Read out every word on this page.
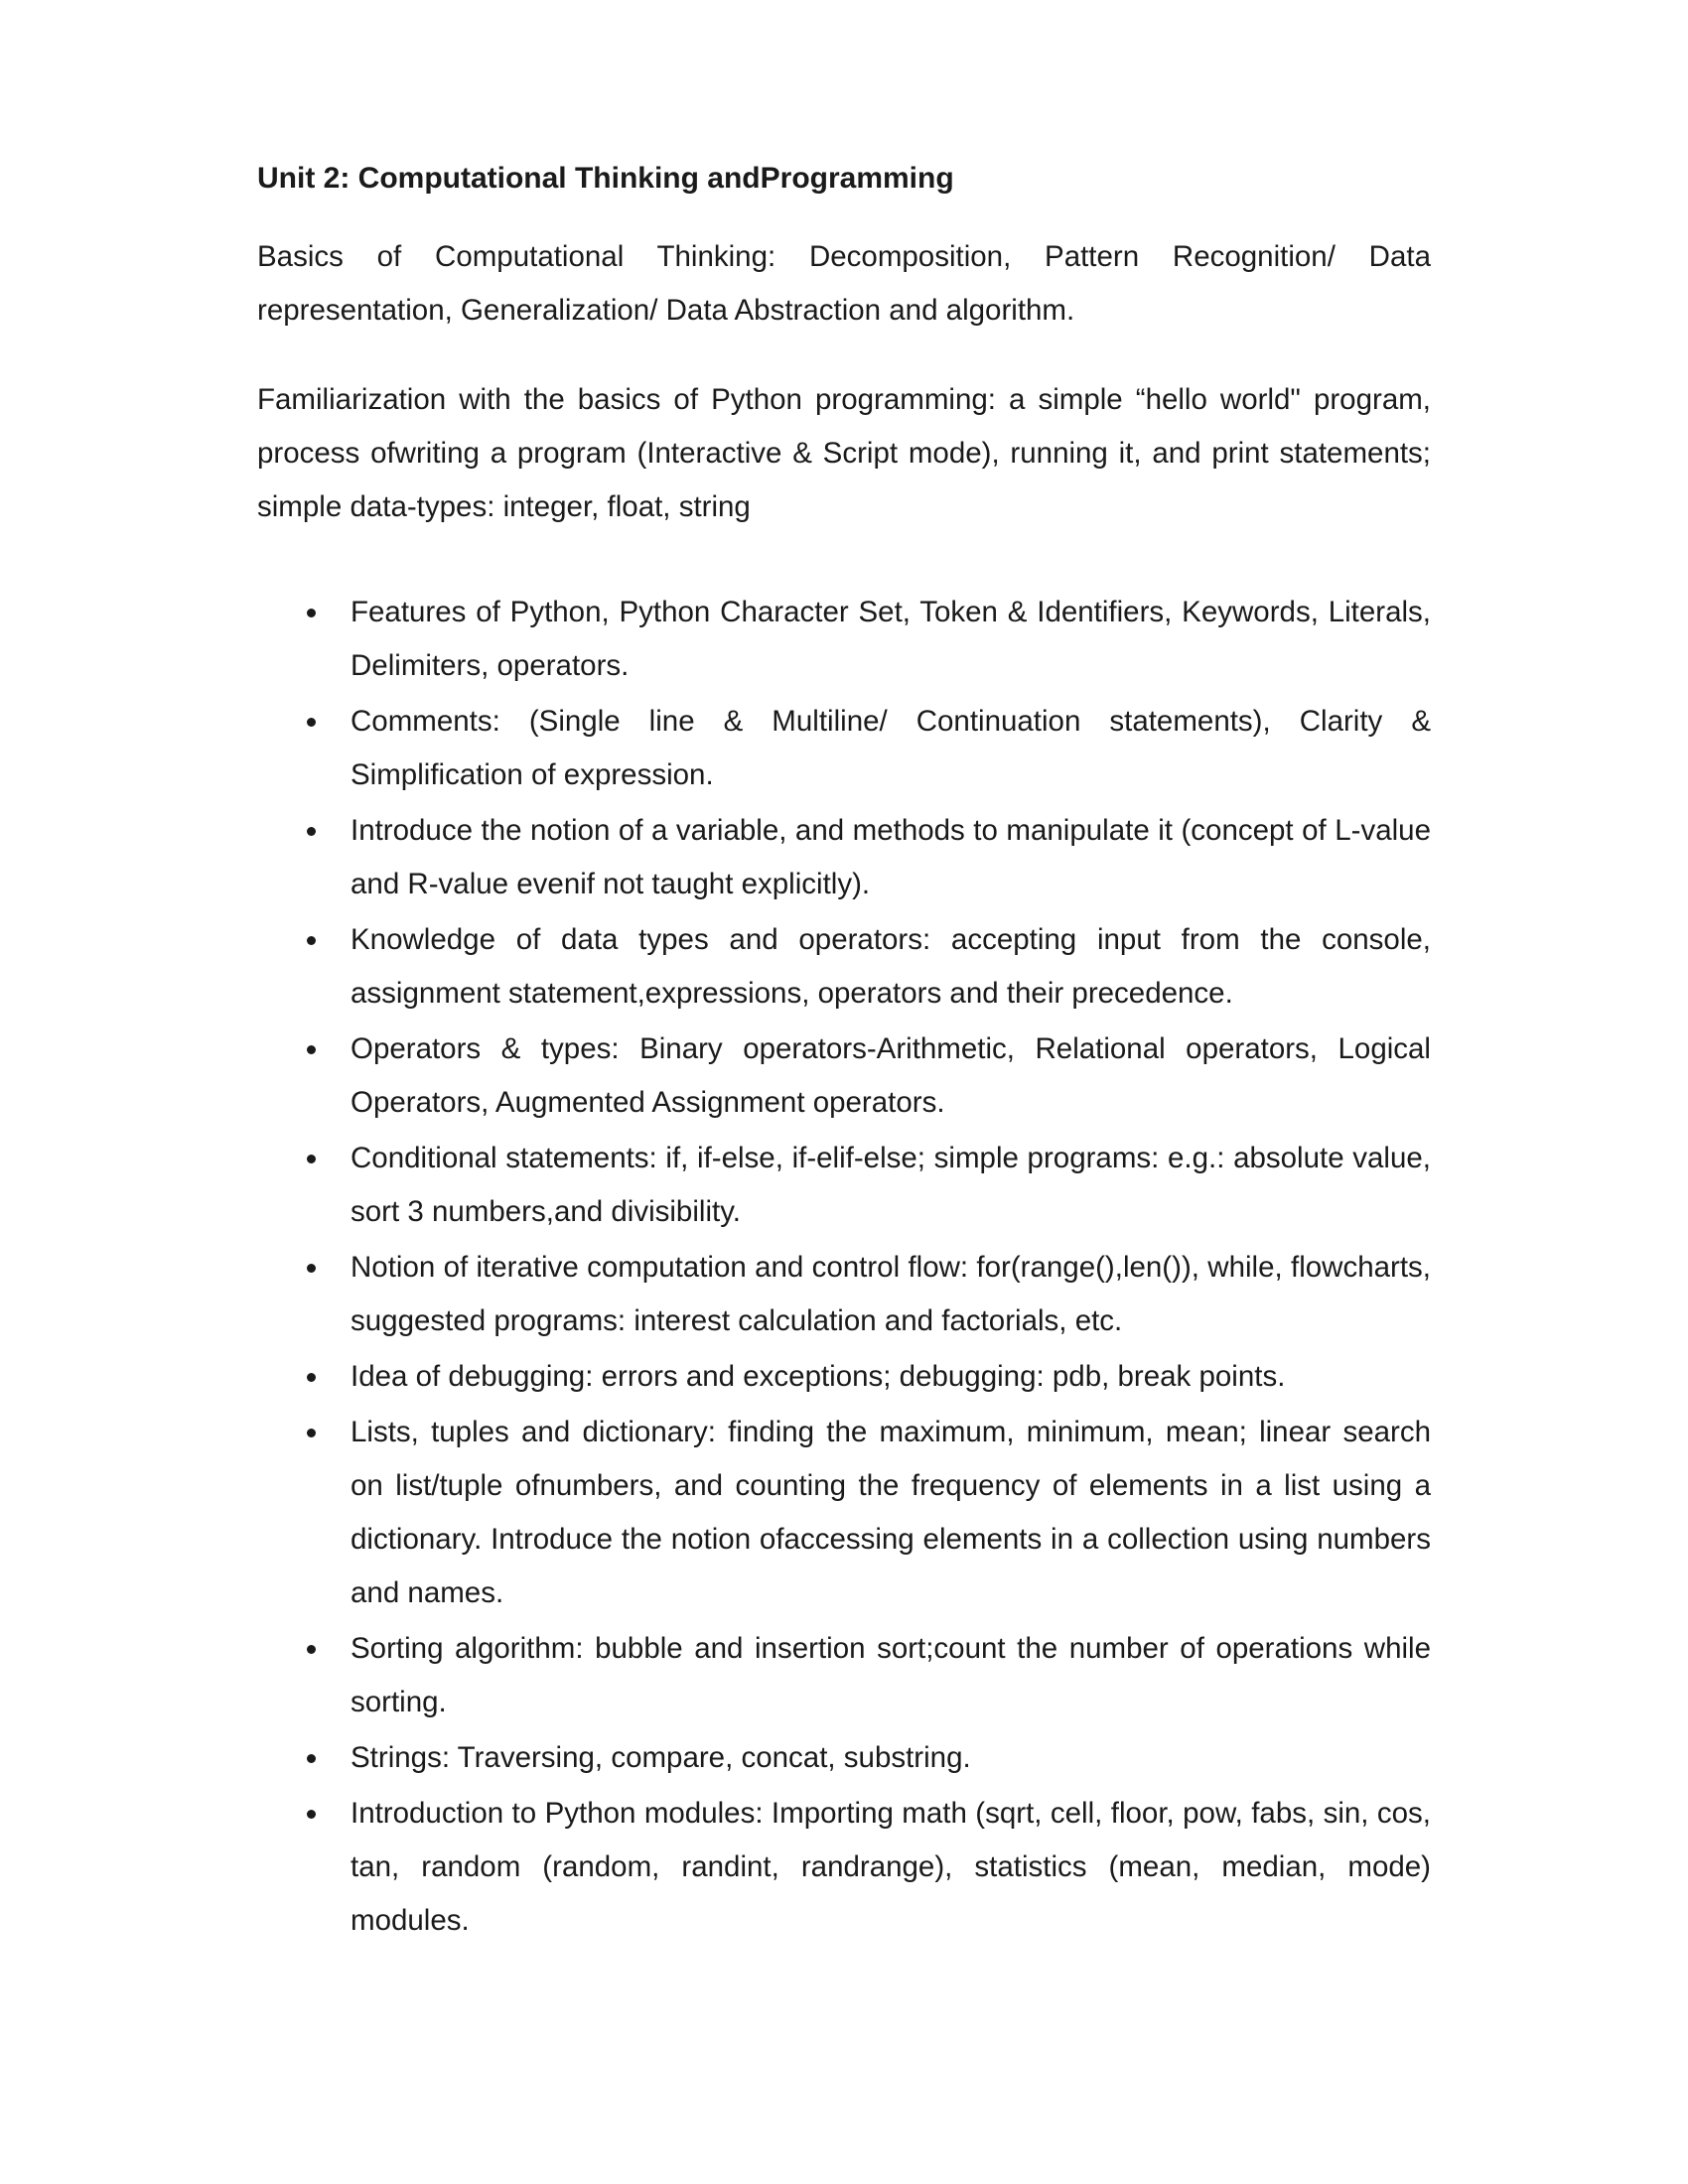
Unit 2: Computational Thinking andProgramming

Basics of Computational Thinking: Decomposition, Pattern Recognition/ Data representation, Generalization/ Data Abstraction and algorithm.

Familiarization with the basics of Python programming: a simple “hello world" program, process ofwriting a program (Interactive & Script mode), running it, and print statements; simple data-types: integer, float, string

Features of Python, Python Character Set, Token & Identifiers, Keywords, Literals, Delimiters, operators.
Comments: (Single line & Multiline/ Continuation statements), Clarity & Simplification of expression.
Introduce the notion of a variable, and methods to manipulate it (concept of L-value and R-value evenif not taught explicitly).
Knowledge of data types and operators: accepting input from the console, assignment statement,expressions, operators and their precedence.
Operators & types: Binary operators-Arithmetic, Relational operators, Logical Operators, Augmented Assignment operators.
Conditional statements: if, if-else, if-elif-else; simple programs: e.g.: absolute value, sort 3 numbers,and divisibility.
Notion of iterative computation and control flow: for(range(),len()), while, flowcharts, suggested programs: interest calculation and factorials, etc.
Idea of debugging: errors and exceptions; debugging: pdb, break points.
Lists, tuples and dictionary: finding the maximum, minimum, mean; linear search on list/tuple ofnumbers, and counting the frequency of elements in a list using a dictionary. Introduce the notion ofaccessing elements in a collection using numbers and names.
Sorting algorithm: bubble and insertion sort;count the number of operations while sorting.
Strings: Traversing, compare, concat, substring.
Introduction to Python modules: Importing math (sqrt, cell, floor, pow, fabs, sin, cos, tan, random (random, randint, randrange), statistics (mean, median, mode) modules.
